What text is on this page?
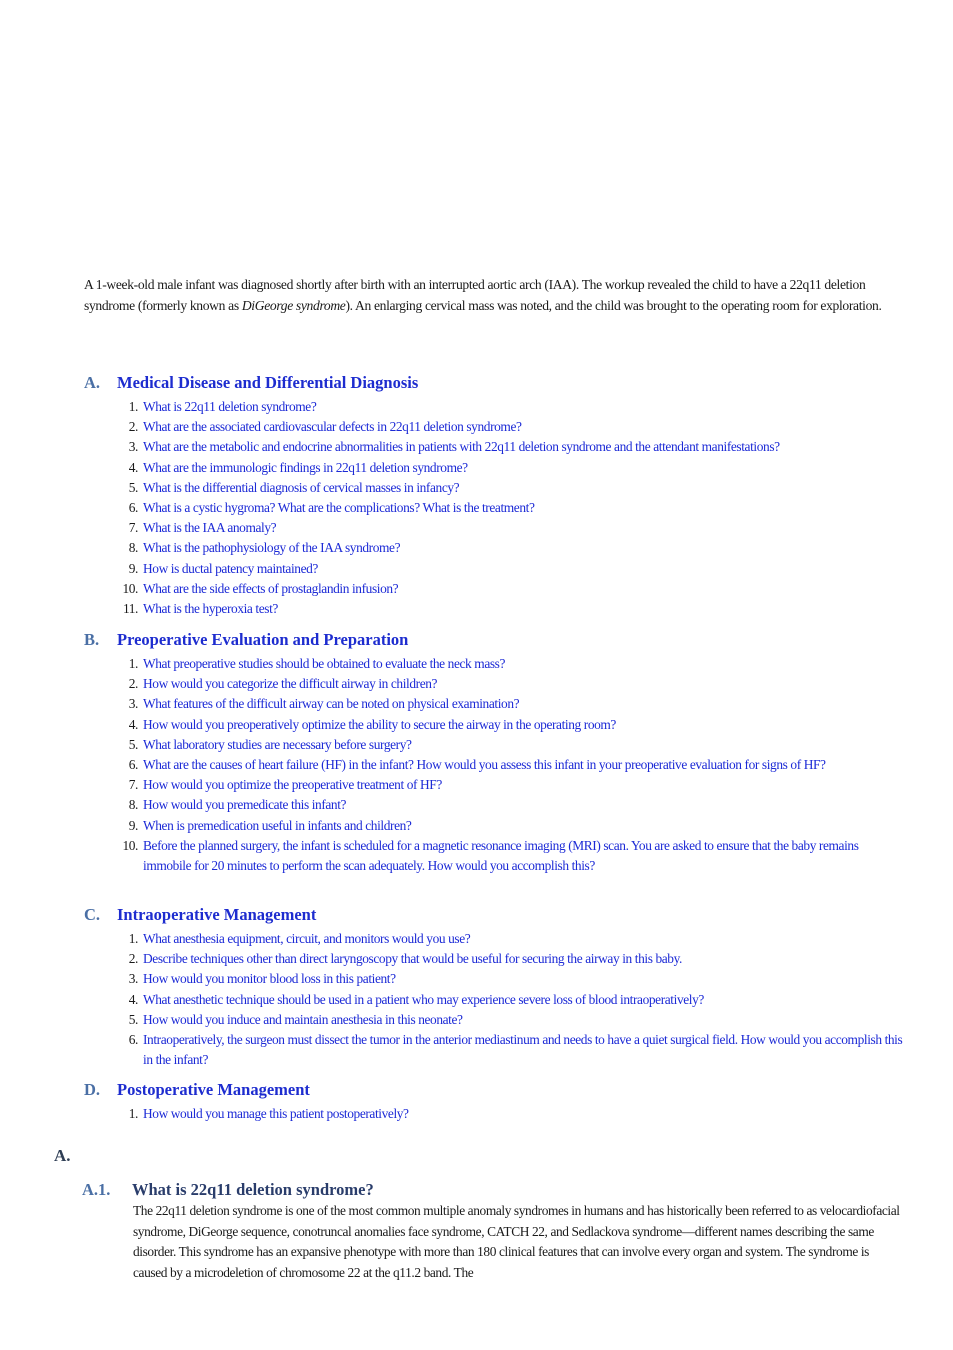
A 1-week-old male infant was diagnosed shortly after birth with an interrupted aortic arch (IAA). The workup revealed the child to have a 22q11 deletion syndrome (formerly known as DiGeorge syndrome). An enlarging cervical mass was noted, and the child was brought to the operating room for exploration.

A.	Medical Disease and Differential Diagnosis
1. What is 22q11 deletion syndrome?
2. What are the associated cardiovascular defects in 22q11 deletion syndrome?
3. What are the metabolic and endocrine abnormalities in patients with 22q11 deletion syndrome and the attendant manifestations?
4. What are the immunologic findings in 22q11 deletion syndrome?
5. What is the differential diagnosis of cervical masses in infancy?
6. What is a cystic hygroma? What are the complications? What is the treatment?
7. What is the IAA anomaly?
8. What is the pathophysiology of the IAA syndrome?
9. How is ductal patency maintained?
10. What are the side effects of prostaglandin infusion?
11. What is the hyperoxia test?
B.	Preoperative Evaluation and Preparation
1. What preoperative studies should be obtained to evaluate the neck mass?
2. How would you categorize the difficult airway in children?
3. What features of the difficult airway can be noted on physical examination?
4. How would you preoperatively optimize the ability to secure the airway in the operating room?
5. What laboratory studies are necessary before surgery?
6. What are the causes of heart failure (HF) in the infant? How would you assess this infant in your preoperative evaluation for signs of HF?
7. How would you optimize the preoperative treatment of HF?
8. How would you premedicate this infant?
9. When is premedication useful in infants and children?
10. Before the planned surgery, the infant is scheduled for a magnetic resonance imaging (MRI) scan. You are asked to ensure that the baby remains immobile for 20 minutes to perform the scan adequately. How would you accomplish this?
C.	Intraoperative Management
1. What anesthesia equipment, circuit, and monitors would you use?
2. Describe techniques other than direct laryngoscopy that would be useful for securing the airway in this baby.
3. How would you monitor blood loss in this patient?
4. What anesthetic technique should be used in a patient who may experience severe loss of blood intraoperatively?
5. How would you induce and maintain anesthesia in this neonate?
6. Intraoperatively, the surgeon must dissect the tumor in the anterior mediastinum and needs to have a quiet surgical field. How would you accomplish this in the infant?
D.	Postoperative Management
1. How would you manage this patient postoperatively?
A.
A.1.	What is 22q11 deletion syndrome?

The 22q11 deletion syndrome is one of the most common multiple anomaly syndromes in humans and has historically been referred to as velocardiofacial syndrome, DiGeorge sequence, conotruncal anomalies face syndrome, CATCH 22, and Sedlackova syndrome—different names describing the same disorder. This syndrome has an expansive phenotype with more than 180 clinical features that can involve every organ and system. The syndrome is caused by a microdeletion of chromosome 22 at the q11.2 band. The
